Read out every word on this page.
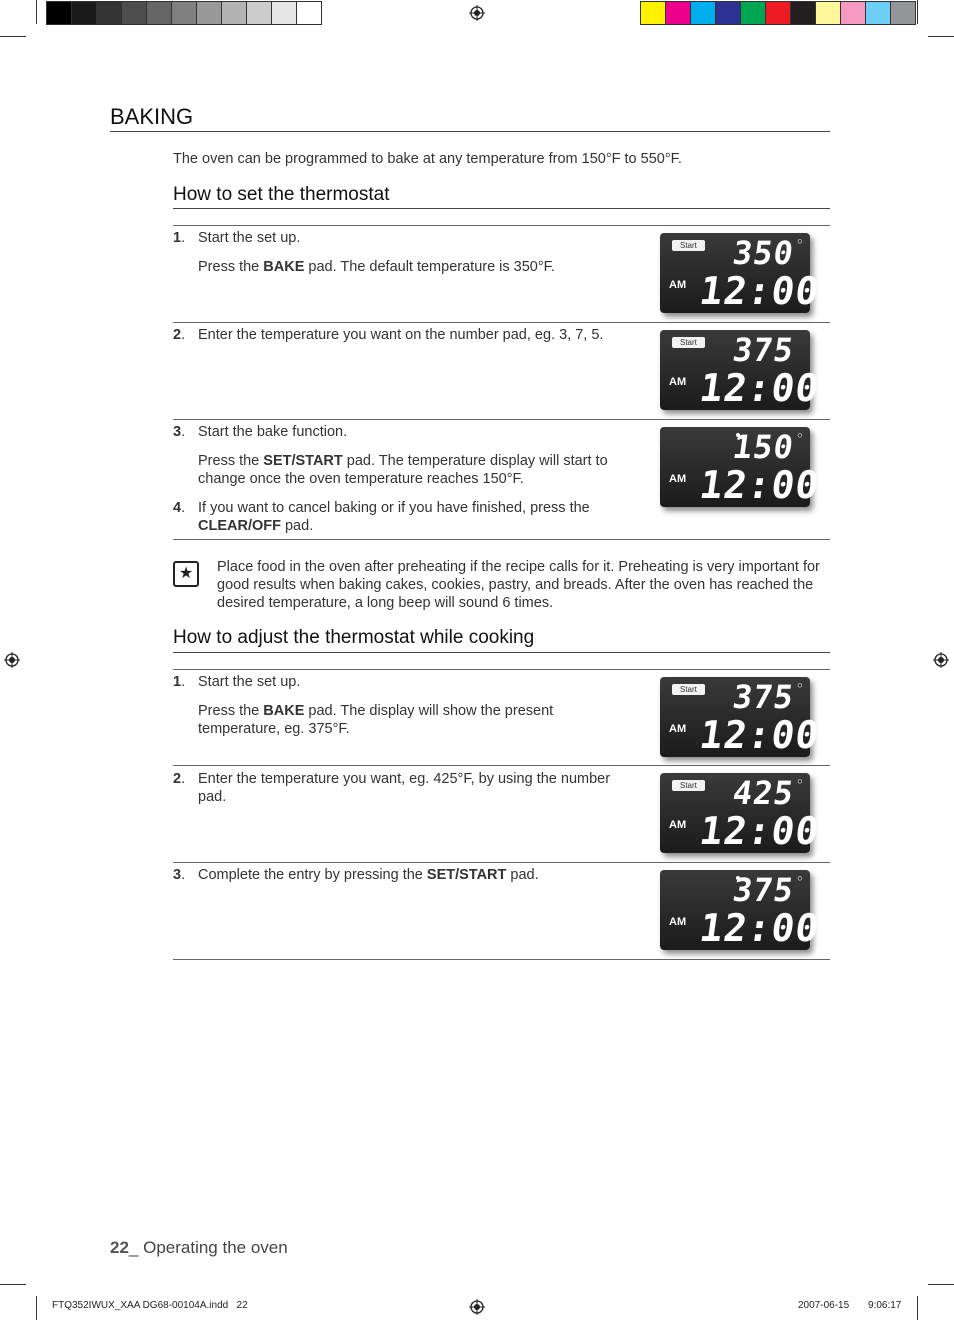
BAKING
The oven can be programmed to bake at any temperature from 150°F to 550°F.
How to set the thermostat
1. Start the set up.
Press the BAKE pad. The default temperature is 350°F.
2. Enter the temperature you want on the number pad, eg. 3, 7, 5.
3. Start the bake function.
Press the SET/START pad. The temperature display will start to change once the oven temperature reaches 150°F.
4. If you want to cancel baking or if you have finished, press the CLEAR/OFF pad.
Start 350 ○
AM 12:00
Start 375
AM 12:00
150 ○
AM 12:00
★	Place food in the oven after preheating if the recipe calls for it. Preheating is very important for good results when baking cakes, cookies, pastry, and breads. After the oven has reached the desired temperature, a long beep will sound 6 times.
How to adjust the thermostat while cooking
1. Start the set up.
Press the BAKE pad. The display will show the present temperature, eg. 375°F.
2. Enter the temperature you want, eg. 425°F, by using the number pad.
3. Complete the entry by pressing the SET/START pad.
Start 375 ○
AM 12:00
Start 425 ○
AM 12:00
375 ○
AM 12:00
22_ Operating the oven
FTQ352IWUX_XAA DG68-00104A.indd   22	2007-06-15 9:06:17
